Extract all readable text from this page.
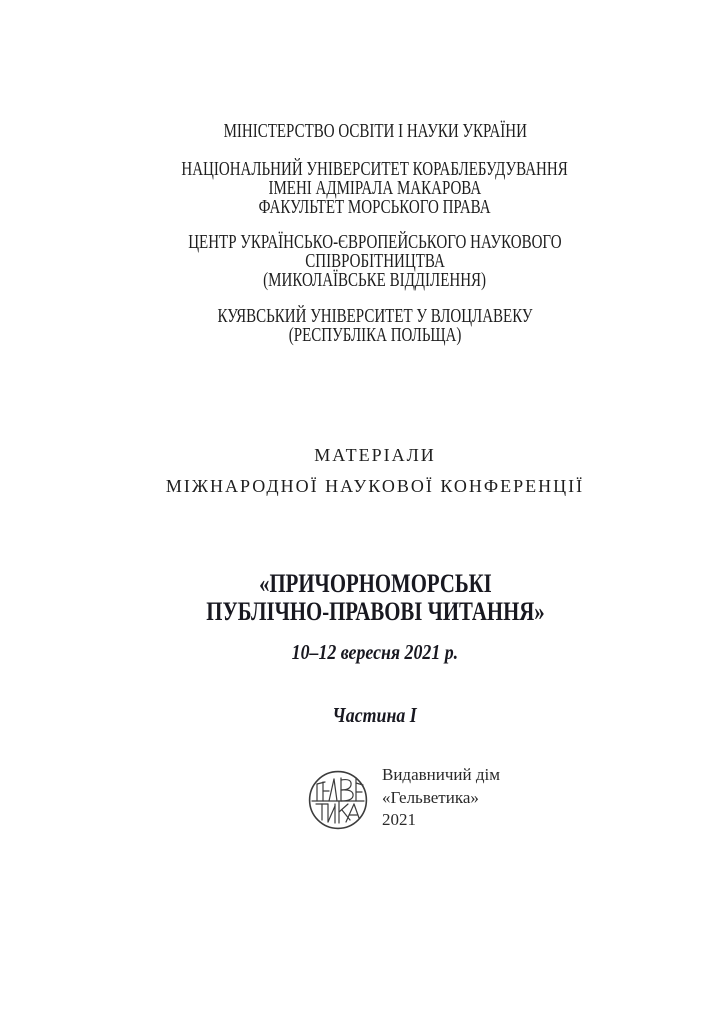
МІНІСТЕРСТВО ОСВІТИ І НАУКИ УКРАЇНИ
НАЦІОНАЛЬНИЙ УНІВЕРСИТЕТ КОРАБЛЕБУДУВАННЯ
ІМЕНІ АДМІРАЛА МАКАРОВА
ФАКУЛЬТЕТ МОРСЬКОГО ПРАВА
ЦЕНТР УКРАЇНСЬКО-ЄВРОПЕЙСЬКОГО НАУКОВОГО
СПІВРОБІТНИЦТВА
(МИКОЛАЇВСЬКЕ ВІДДІЛЕННЯ)
КУЯВСЬКИЙ УНІВЕРСИТЕТ У ВЛОЦЛАВЕКУ
(РЕСПУБЛІКА ПОЛЬЩА)
МАТЕРІАЛИ
МІЖНАРОДНОЇ НАУКОВОЇ КОНФЕРЕНЦІЇ
«ПРИЧОРНОМОРСЬКІ
ПУБЛІЧНО-ПРАВОВІ ЧИТАННЯ»
10–12 вересня 2021 р.
Частина I
Видавничий дім
«Гельветика»
2021
